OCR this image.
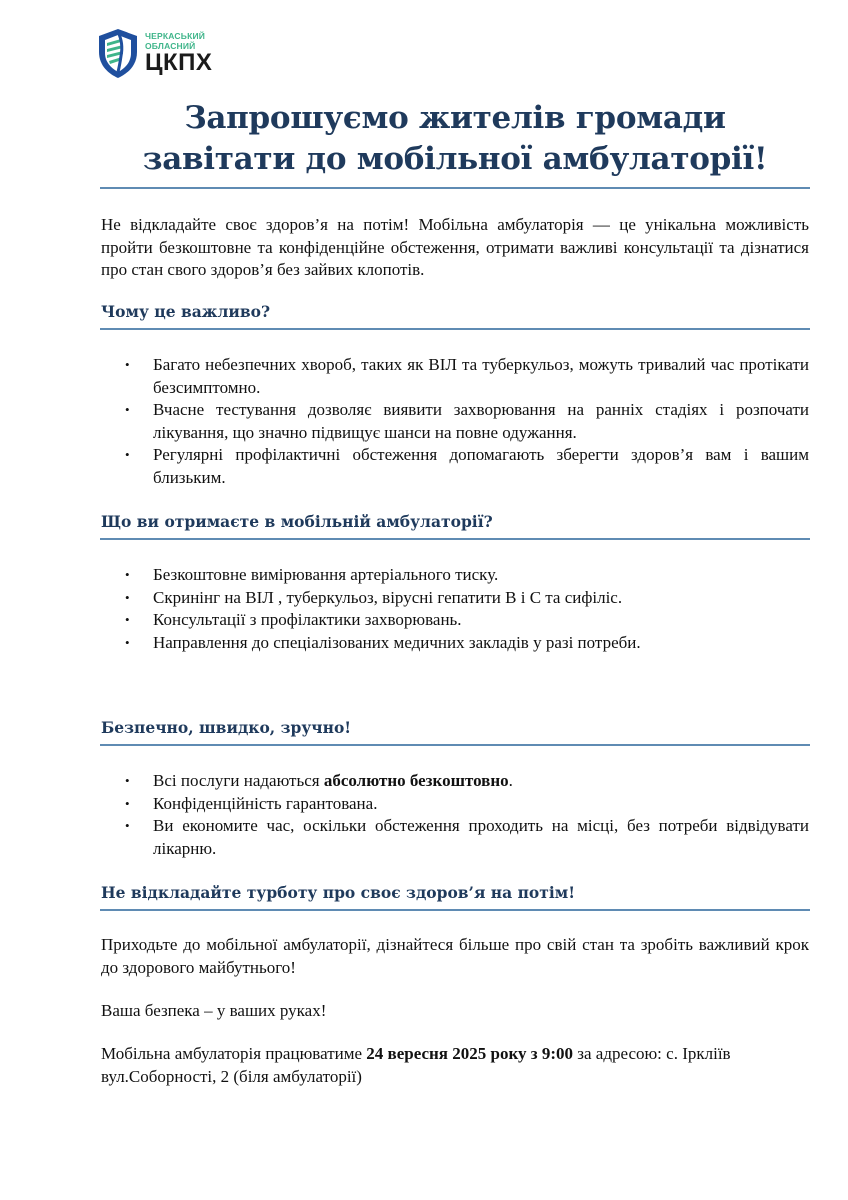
ЧЕРКАСЬКИЙ
ОБЛАСНИЙ
ЦКПХ
Запрошуємо жителів громади
завітати до мобільної амбулаторії!
Не відкладайте своє здоров’я на потім! Мобільна амбулаторія — це унікальна можливість пройти безкоштовне та конфіденційне обстеження, отримати важливі консультації та дізнатися про стан свого здоров’я без зайвих клопотів.
Чому це важливо?
• Багато небезпечних хвороб, таких як ВІЛ та туберкульоз, можуть тривалий час протікати безсимптомно.
• Вчасне тестування дозволяє виявити захворювання на ранніх стадіях і розпочати лікування, що значно підвищує шанси на повне одужання.
• Регулярні профілактичні обстеження допомагають зберегти здоров’я вам і вашим близьким.
Що ви отримаєте в мобільній амбулаторії?
• Безкоштовне вимірювання артеріального тиску.
• Скринінг на ВІЛ , туберкульоз, вірусні гепатити B і C та сифіліс.
• Консультації з профілактики захворювань.
• Направлення до спеціалізованих медичних закладів у разі потреби.
Безпечно, швидко, зручно!
• Всі послуги надаються абсолютно безкоштовно.
• Конфіденційність гарантована.
• Ви економите час, оскільки обстеження проходить на місці, без потреби відвідувати лікарню.
Не відкладайте турботу про своє здоров’я на потім!
Приходьте до мобільної амбулаторії, дізнайтеся більше про свій стан та зробіть важливий крок до здорового майбутнього!
Ваша безпека – у ваших руках!
Мобільна амбулаторія працюватиме 24 вересня 2025 року з 9:00 за адресою: с. Ірклiїв вул.Соборності, 2 (біля амбулаторії)
